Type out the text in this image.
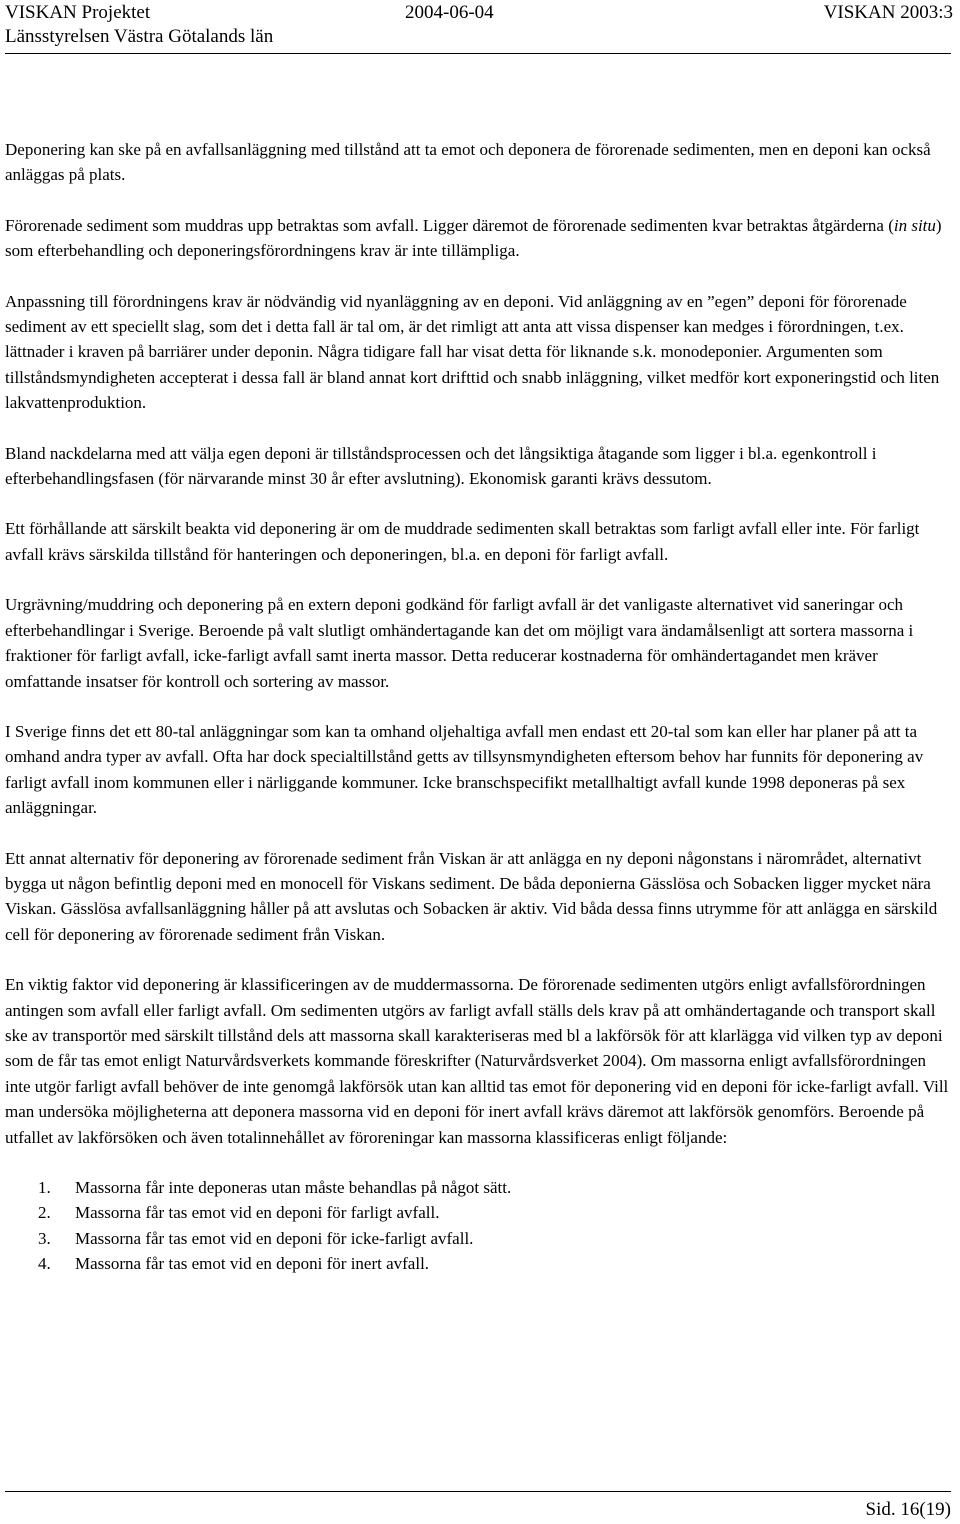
VISKAN Projektet	2004-06-04	VISKAN 2003:3
Länsstyrelsen Västra Götalands län

Deponering kan ske på en avfallsanläggning med tillstånd att ta emot och deponera de förorenade sedimenten, men en deponi kan också anläggas på plats.

Förorenade sediment som muddras upp betraktas som avfall. Ligger däremot de förorenade sedimenten kvar betraktas åtgärderna (in situ) som efterbehandling och deponeringsförordningens krav är inte tillämpliga.

Anpassning till förordningens krav är nödvändig vid nyanläggning av en deponi. Vid anläggning av en ”egen” deponi för förorenade sediment av ett speciellt slag, som det i detta fall är tal om, är det rimligt att anta att vissa dispenser kan medges i förordningen, t.ex. lättnader i kraven på barriärer under deponin. Några tidigare fall har visat detta för liknande s.k. monodeponier. Argumenten som tillståndsmyndigheten accepterat i dessa fall är bland annat kort drifttid och snabb inläggning, vilket medför kort exponeringstid och liten lakvattenproduktion.

Bland nackdelarna med att välja egen deponi är tillståndsprocessen och det långsiktiga åtagande som ligger i bl.a. egenkontroll i efterbehandlingsfasen (för närvarande minst 30 år efter avslutning). Ekonomisk garanti krävs dessutom.

Ett förhållande att särskilt beakta vid deponering är om de muddrade sedimenten skall betraktas som farligt avfall eller inte. För farligt avfall krävs särskilda tillstånd för hanteringen och deponeringen, bl.a. en deponi för farligt avfall.

Urgrävning/muddring och deponering på en extern deponi godkänd för farligt avfall är det vanligaste alternativet vid saneringar och efterbehandlingar i Sverige. Beroende på valt slutligt omhändertagande kan det om möjligt vara ändamålsenligt att sortera massorna i fraktioner för farligt avfall, icke-farligt avfall samt inerta massor. Detta reducerar kostnaderna för omhändertagandet men kräver omfattande insatser för kontroll och sortering av massor.

I Sverige finns det ett 80-tal anläggningar som kan ta omhand oljehaltiga avfall men endast ett 20-tal som kan eller har planer på att ta omhand andra typer av avfall. Ofta har dock specialtillstånd getts av tillsynsmyndigheten eftersom behov har funnits för deponering av farligt avfall inom kommunen eller i närliggande kommuner. Icke branschspecifikt metallhaltigt avfall kunde 1998 deponeras på sex anläggningar.

Ett annat alternativ för deponering av förorenade sediment från Viskan är att anlägga en ny deponi någonstans i närområdet, alternativt bygga ut någon befintlig deponi med en monocell för Viskans sediment. De båda deponierna Gässlösa och Sobacken ligger mycket nära Viskan. Gässlösa avfallsanläggning håller på att avslutas och Sobacken är aktiv. Vid båda dessa finns utrymme för att anlägga en särskild cell för deponering av förorenade sediment från Viskan.

En viktig faktor vid deponering är klassificeringen av de muddermassorna. De förorenade sedimenten utgörs enligt avfallsförordningen antingen som avfall eller farligt avfall. Om sedimenten utgörs av farligt avfall ställs dels krav på att omhändertagande och transport skall ske av transportör med särskilt tillstånd dels att massorna skall karakteriseras med bl a lakförsök för att klarlägga vid vilken typ av deponi som de får tas emot enligt Naturvårdsverkets kommande föreskrifter (Naturvårdsverket 2004). Om massorna enligt avfallsförordningen inte utgör farligt avfall behöver de inte genomgå lakförsök utan kan alltid tas emot för deponering vid en deponi för icke-farligt avfall. Vill man undersöka möjligheterna att deponera massorna vid en deponi för inert avfall krävs däremot att lakförsök genomförs. Beroende på utfallet av lakförsöken och även totalinnehållet av föroreningar kan massorna klassificeras enligt följande:

1.	Massorna får inte deponeras utan måste behandlas på något sätt.
2.	Massorna får tas emot vid en deponi för farligt avfall.
3.	Massorna får tas emot vid en deponi för icke-farligt avfall.
4.	Massorna får tas emot vid en deponi för inert avfall.
Sid. 16(19)
